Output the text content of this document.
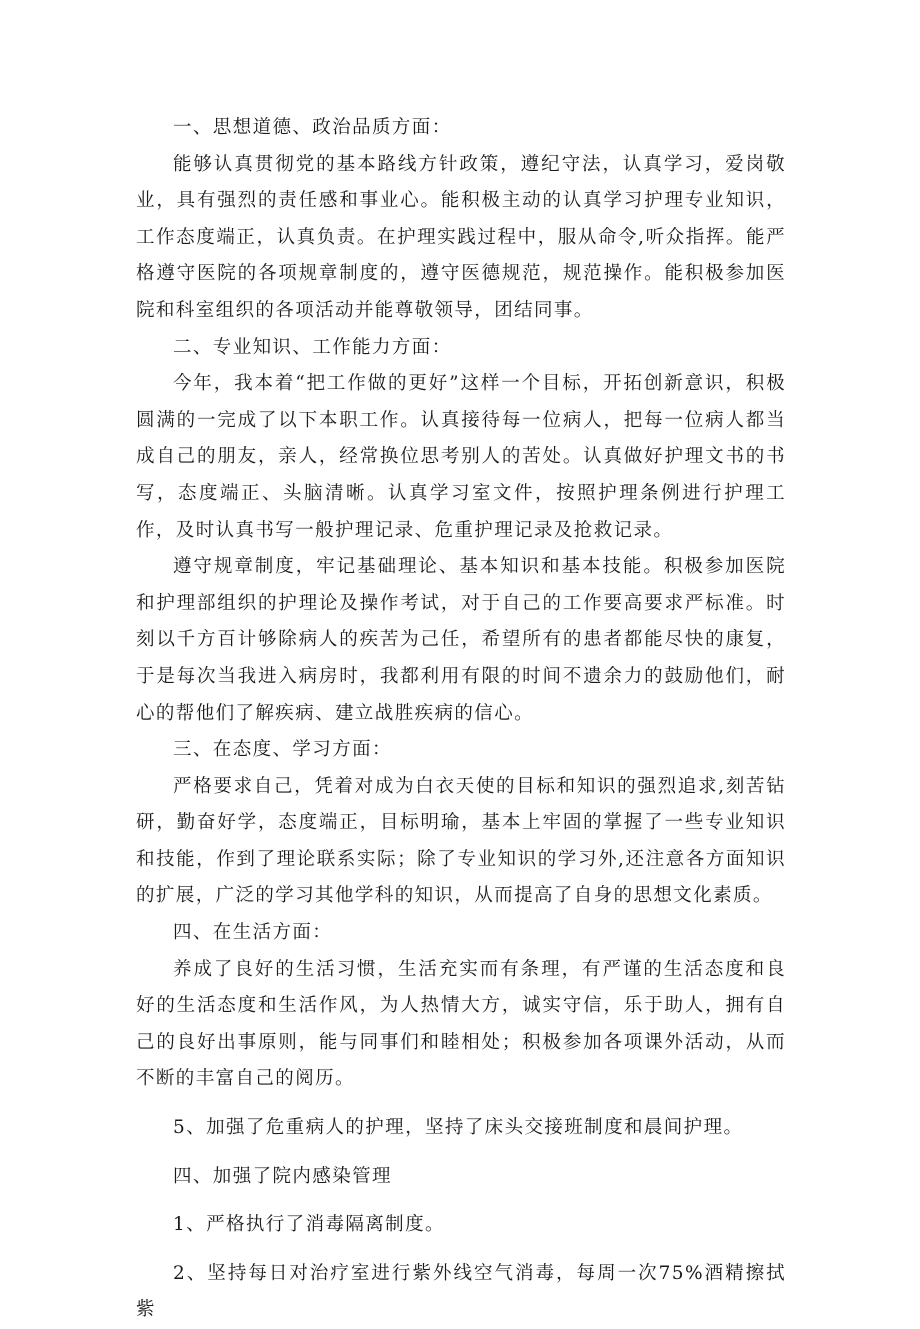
一、思想道德、政治品质方面：

能够认真贯彻党的基本路线方针政策，遵纪守法，认真学习，爱岗敬业，具有强烈的责任感和事业心。能积极主动的认真学习护理专业知识，工作态度端正，认真负责。在护理实践过程中，服从命令,听众指挥。能严格遵守医院的各项规章制度的，遵守医德规范，规范操作。能积极参加医院和科室组织的各项活动并能尊敬领导，团结同事。

二、专业知识、工作能力方面：

今年，我本着“把工作做的更好”这样一个目标，开拓创新意识，积极圆满的一完成了以下本职工作。认真接待每一位病人，把每一位病人都当成自己的朋友，亲人，经常换位思考别人的苦处。认真做好护理文书的书写，态度端正、头脑清晰。认真学习室文件，按照护理条例进行护理工作，及时认真书写一般护理记录、危重护理记录及抢救记录。

遵守规章制度，牢记基础理论、基本知识和基本技能。积极参加医院和护理部组织的护理论及操作考试，对于自己的工作要高要求严标准。时刻以千方百计够除病人的疾苦为己任，希望所有的患者都能尽快的康复，于是每次当我进入病房时，我都利用有限的时间不遗余力的鼓励他们，耐心的帮他们了解疾病、建立战胜疾病的信心。

三、在态度、学习方面：

严格要求自己，凭着对成为白衣天使的目标和知识的强烈追求,刻苦钻研，勤奋好学，态度端正，目标明瑜，基本上牢固的掌握了一些专业知识和技能，作到了理论联系实际；除了专业知识的学习外,还注意各方面知识的扩展，广泛的学习其他学科的知识，从而提高了自身的思想文化素质。

四、在生活方面：

养成了良好的生活习惯，生活充实而有条理，有严谨的生活态度和良好的生活态度和生活作风，为人热情大方，诚实守信，乐于助人，拥有自己的良好出事原则，能与同事们和睦相处；积极参加各项课外活动，从而不断的丰富自己的阅历。

5、加强了危重病人的护理，坚持了床头交接班制度和晨间护理。

四、加强了院内感染管理

1、严格执行了消毒隔离制度。

2、坚持每日对治疗室进行紫外线空气消毒，每周一次75%酒精擦拭紫
